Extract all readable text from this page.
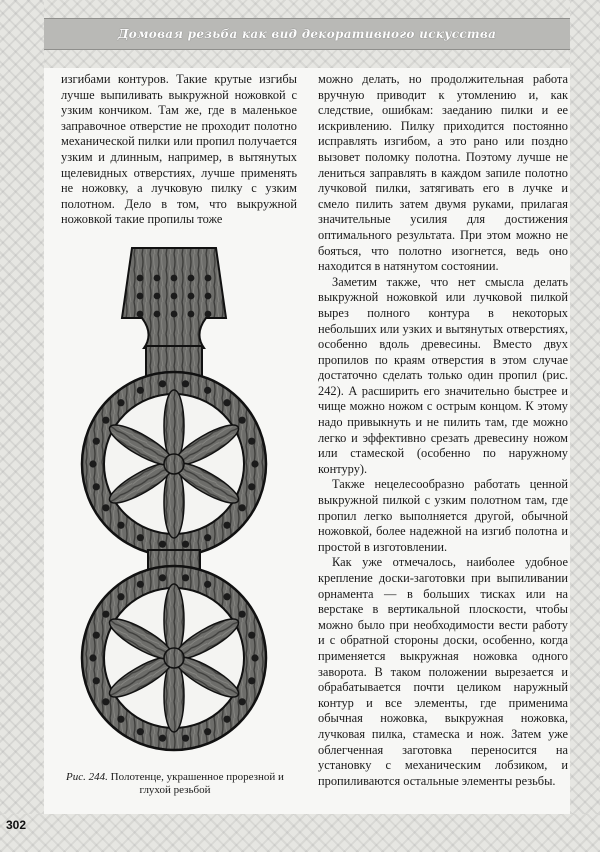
Домовая резьба как вид декоративного искусства

изгибами контуров. Такие крутые изгибы лучше выпиливать выкружной ножовкой с узким кончиком. Там же, где в маленькое заправочное отверстие не проходит полотно механической пилки или пропил получается узким и длинным, например, в вытянутых щелевидных отверстиях, лучше применять не ножовку, а лучковую пилку с узким полотном. Дело в том, что выкружной ножовкой такие пропилы тоже

можно делать, но продолжительная работа вручную приводит к утомлению и, как следствие, ошибкам: заеданию пилки и ее искривлению. Пилку приходится постоянно исправлять изгибом, а это рано или поздно вызовет поломку полотна. Поэтому лучше не лениться заправлять в каждом запиле полотно лучковой пилки, затягивать его в лучке и смело пилить затем двумя руками, прилагая значительные усилия для достижения оптимального результата. При этом можно не бояться, что полотно изогнется, ведь оно находится в натянутом состоянии.

Заметим также, что нет смысла делать выкружной ножовкой или лучковой пилкой вырез полного контура в некоторых небольших или узких и вытянутых отверстиях, особенно вдоль древесины. Вместо двух пропилов по краям отверстия в этом случае достаточно сделать только один пропил (рис. 242). А расширить его значительно быстрее и чище можно ножом с острым концом. К этому надо привыкнуть и не пилить там, где можно легко и эффективно срезать древесину ножом или стамеской (особенно по наружному контуру).

Также нецелесообразно работать ценной выкружной пилкой с узким полотном там, где пропил легко выполняется другой, обычной ножовкой, более надежной на изгиб полотна и простой в изготовлении.

Как уже отмечалось, наиболее удобное крепление доски-заготовки при выпиливании орнамента — в больших тисках или на верстаке в вертикальной плоскости, чтобы можно было при необходимости вести работу и с обратной стороны доски, особенно, когда применяется выкружная ножовка одного заворота. В таком положении вырезается и обрабатывается почти целиком наружный контур и все элементы, где применима обычная ножовка, выкружная ножовка, лучковая пилка, стамеска и нож. Затем уже облегченная заготовка переносится на установку с механическим лобзиком, и пропиливаются остальные элементы резьбы.

Рис. 244. Полотенце, украшенное прорезной и глухой резьбой
302
